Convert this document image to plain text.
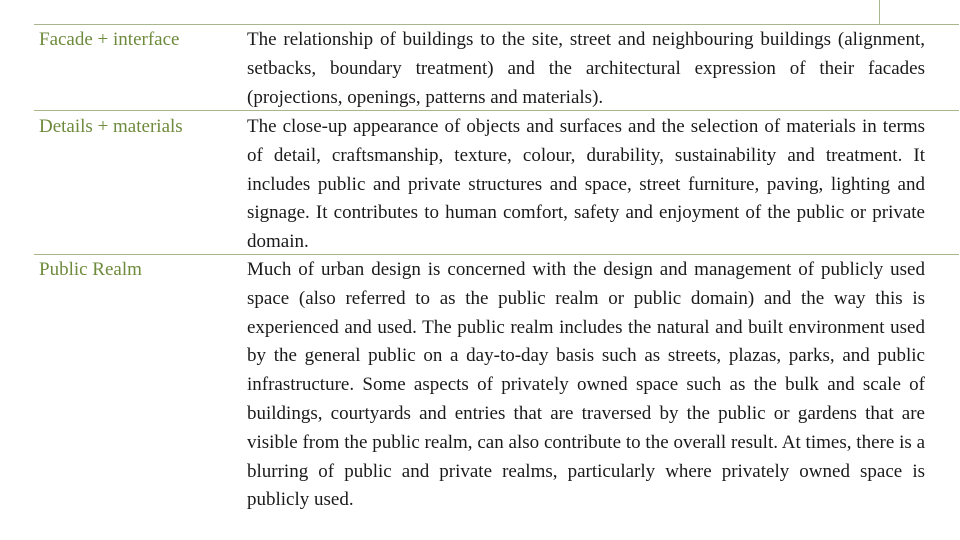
Facade + interface	The relationship of buildings to the site, street and neighbouring buildings (alignment, setbacks, boundary treatment) and the architectural expression of their facades (projections, openings, patterns and materials).

Details + materials	The close-up appearance of objects and surfaces and the selection of materials in terms of detail, craftsmanship, texture, colour, durability, sustainability and treatment. It includes public and private structures and space, street furniture, paving, lighting and signage. It contributes to human comfort, safety and enjoyment of the public or private domain.

Public Realm	Much of urban design is concerned with the design and management of publicly used space (also referred to as the public realm or public domain) and the way this is experienced and used. The public realm includes the natural and built environment used by the general public on a day-to-day basis such as streets, plazas, parks, and public infrastructure. Some aspects of privately owned space such as the bulk and scale of buildings, courtyards and entries that are traversed by the public or gardens that are visible from the public realm, can also contribute to the overall result. At times, there is a blurring of public and private realms, particularly where privately owned space is publicly used.
